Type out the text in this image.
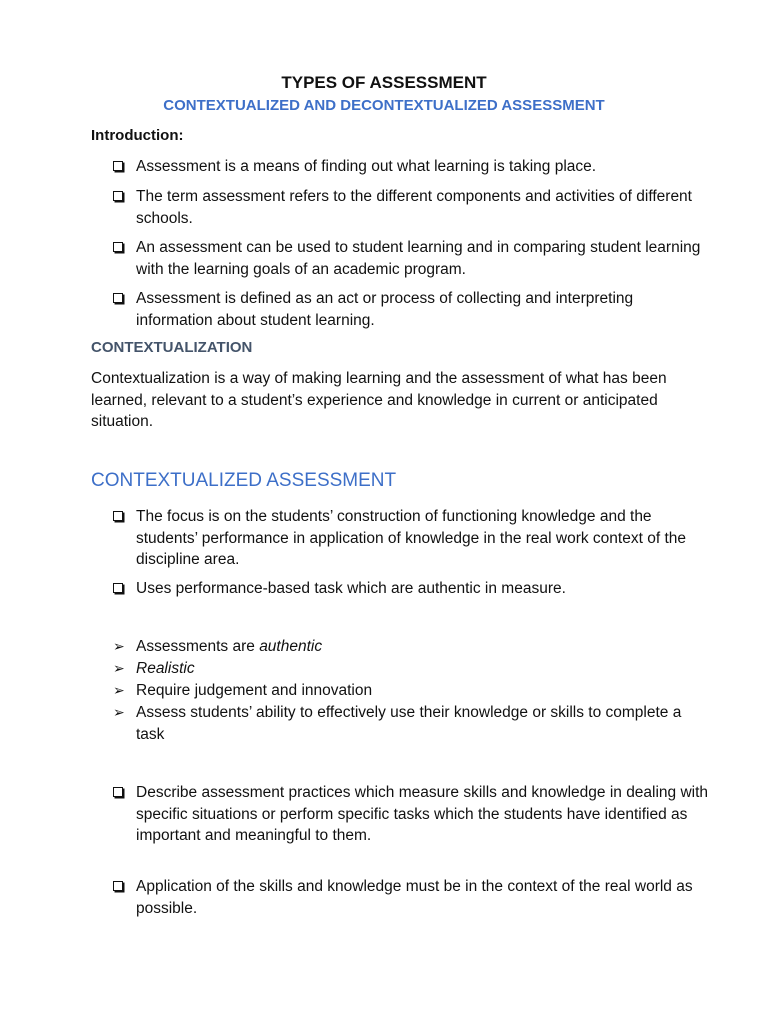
TYPES OF ASSESSMENT
CONTEXTUALIZED AND DECONTEXTUALIZED ASSESSMENT
Introduction:
Assessment is a means of finding out what learning is taking place.
The term assessment refers to the different components and activities of different schools.
An assessment can be used to student learning and in comparing student learning with the learning goals of an academic program.
Assessment is defined as an act or process of collecting and interpreting information about student learning.
CONTEXTUALIZATION
Contextualization is a way of making learning and the assessment of what has been learned, relevant to a student’s experience and knowledge in current or anticipated situation.
CONTEXTUALIZED ASSESSMENT
The focus is on the students’ construction of functioning knowledge and the students’ performance in application of knowledge in the real work context of the discipline area.
Uses performance-based task which are authentic in measure.
➢ Assessments are authentic
➢ Realistic
➢ Require judgement and innovation
➢ Assess students’ ability to effectively use their knowledge or skills to complete a task
Describe assessment practices which measure skills and knowledge in dealing with specific situations or perform specific tasks which the students have identified as important and meaningful to them.
Application of the skills and knowledge must be in the context of the real world as possible.
